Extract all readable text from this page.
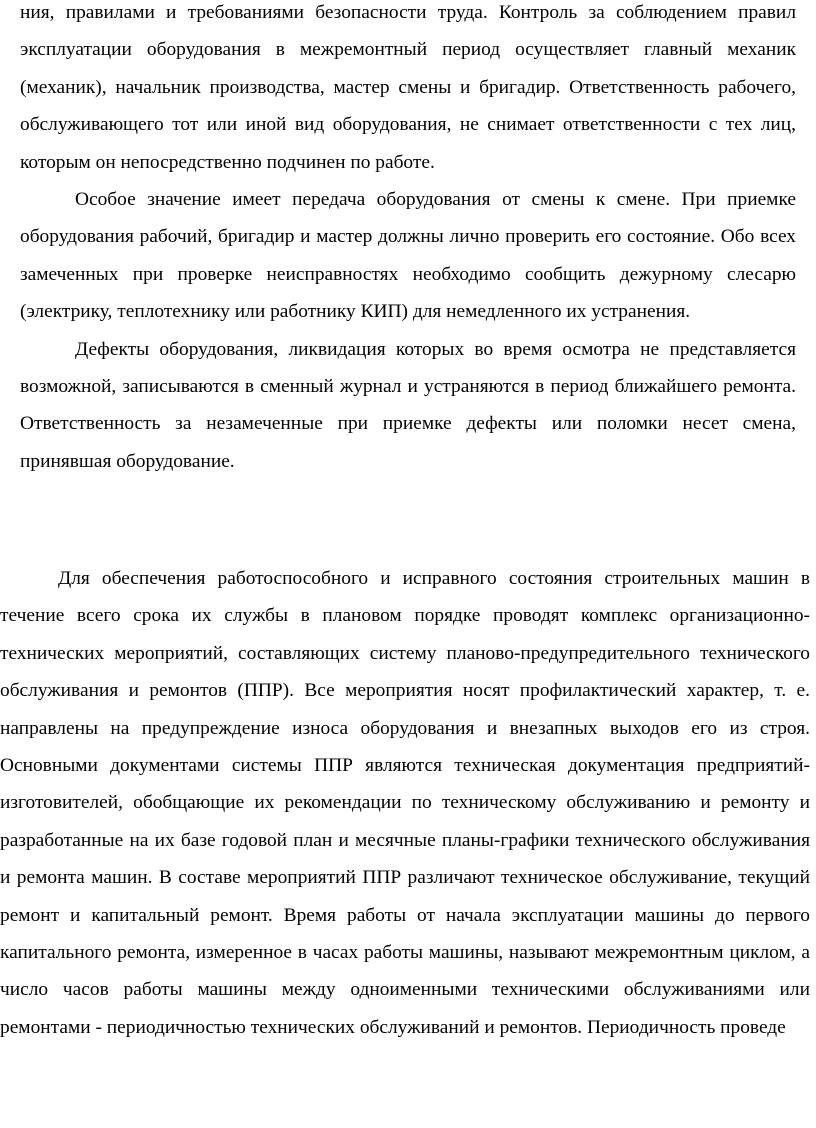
ния, правилами и требованиями безопасности труда. Контроль за соблюдением правил эксплуатации оборудования в межремонтный период осуществляет главный механик (механик), начальник производства, мастер смены и бригадир. Ответственность рабочего, обслуживающего тот или иной вид оборудования, не снимает ответственности с тех лиц, которым он непосредственно подчинен по работе.

Особое значение имеет передача оборудования от смены к смене. При приемке оборудования рабочий, бригадир и мастер должны лично проверить его состояние. Обо всех замеченных при проверке неисправностях необходимо сообщить дежурному слесарю (электрику, теплотехнику или работнику КИП) для немедленного их устранения.

Дефекты оборудования, ликвидация которых во время осмотра не представляется возможной, записываются в сменный журнал и устраняются в период ближайшего ремонта. Ответственность за незамеченные при приемке дефекты или поломки несет смена, принявшая оборудование.

Для обеспечения работоспособного и исправного состояния строительных машин в течение всего срока их службы в плановом порядке проводят комплекс организационно-технических мероприятий, составляющих систему планово-предупредительного технического обслуживания и ремонтов (ППР). Все мероприятия носят профилактический характер, т. е. направлены на предупреждение износа оборудования и внезапных выходов его из строя. Основными документами системы ППР являются техническая документация предприятий-изготовителей, обобщающие их рекомендации по техническому обслуживанию и ремонту и разработанные на их базе годовой план и месячные планы-графики технического обслуживания и ремонта машин. В составе мероприятий ППР различают техническое обслуживание, текущий ремонт и капитальный ремонт. Время работы от начала эксплуатации машины до первого капитального ремонта, измеренное в часах работы машины, называют межремонтным циклом, а число часов работы машины между одноименными техническими обслуживаниями или ремонтами - периодичностью технических обслуживаний и ремонтов. Периодичность проведе
